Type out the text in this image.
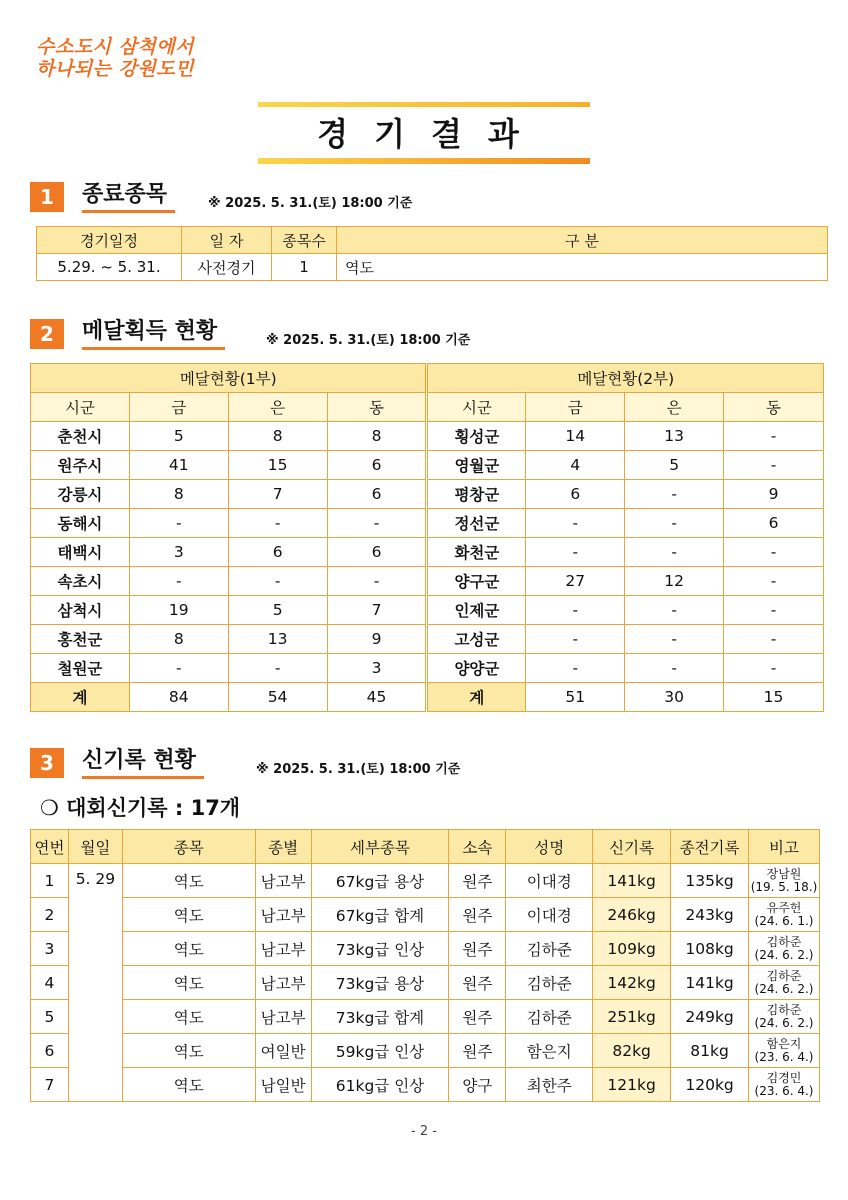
수소도시 삼척에서
하나되는 강원도민
경기결과
1	종료종목	※ 2025. 5. 31.(토) 18:00 기준
경기일정	일 자	종목수	구 분
5.29. ~ 5. 31.	사전경기	1	역도
2	메달획득 현황	※ 2025. 5. 31.(토) 18:00 기준
메달현황(1부)				메달현황(2부)			
시군	금	은	동	시군	금	은	동
춘천시	5	8	8	횡성군	14	13	-
원주시	41	15	6	영월군	4	5	-
강릉시	8	7	6	평창군	6	-	9
동해시	-	-	-	정선군	-	-	6
태백시	3	6	6	화천군	-	-	-
속초시	-	-	-	양구군	27	12	-
삼척시	19	5	7	인제군	-	-	-
홍천군	8	13	9	고성군	-	-	-
철원군	-	-	3	양양군	-	-	-
계	84	54	45	계	51	30	15
3	신기록 현황	※ 2025. 5. 31.(토) 18:00 기준
❍ 대회신기록 : 17개
연번	월일	종목	종별	세부종목	소속	성명	신기록	종전기록	비고
1	5. 29	역도	남고부	67kg급 용상	원주	이대경	141kg	135kg	장남원
(19. 5. 18.)

2		역도	남고부	67kg급 합계	원주	이대경	246kg	243kg	유주헌
(24. 6. 1.)

3		역도	남고부	73kg급 인상	원주	김하준	109kg	108kg	김하준
(24. 6. 2.)

4		역도	남고부	73kg급 용상	원주	김하준	142kg	141kg	김하준
(24. 6. 2.)

5		역도	남고부	73kg급 합계	원주	김하준	251kg	249kg	김하준
(24. 6. 2.)

6		역도	여일반	59kg급 인상	원주	함은지	82kg	81kg	함은지
(23. 6. 4.)

7		역도	남일반	61kg급 인상	양구	최한주	121kg	120kg	김경민
(23. 6. 4.)
- 2 -
